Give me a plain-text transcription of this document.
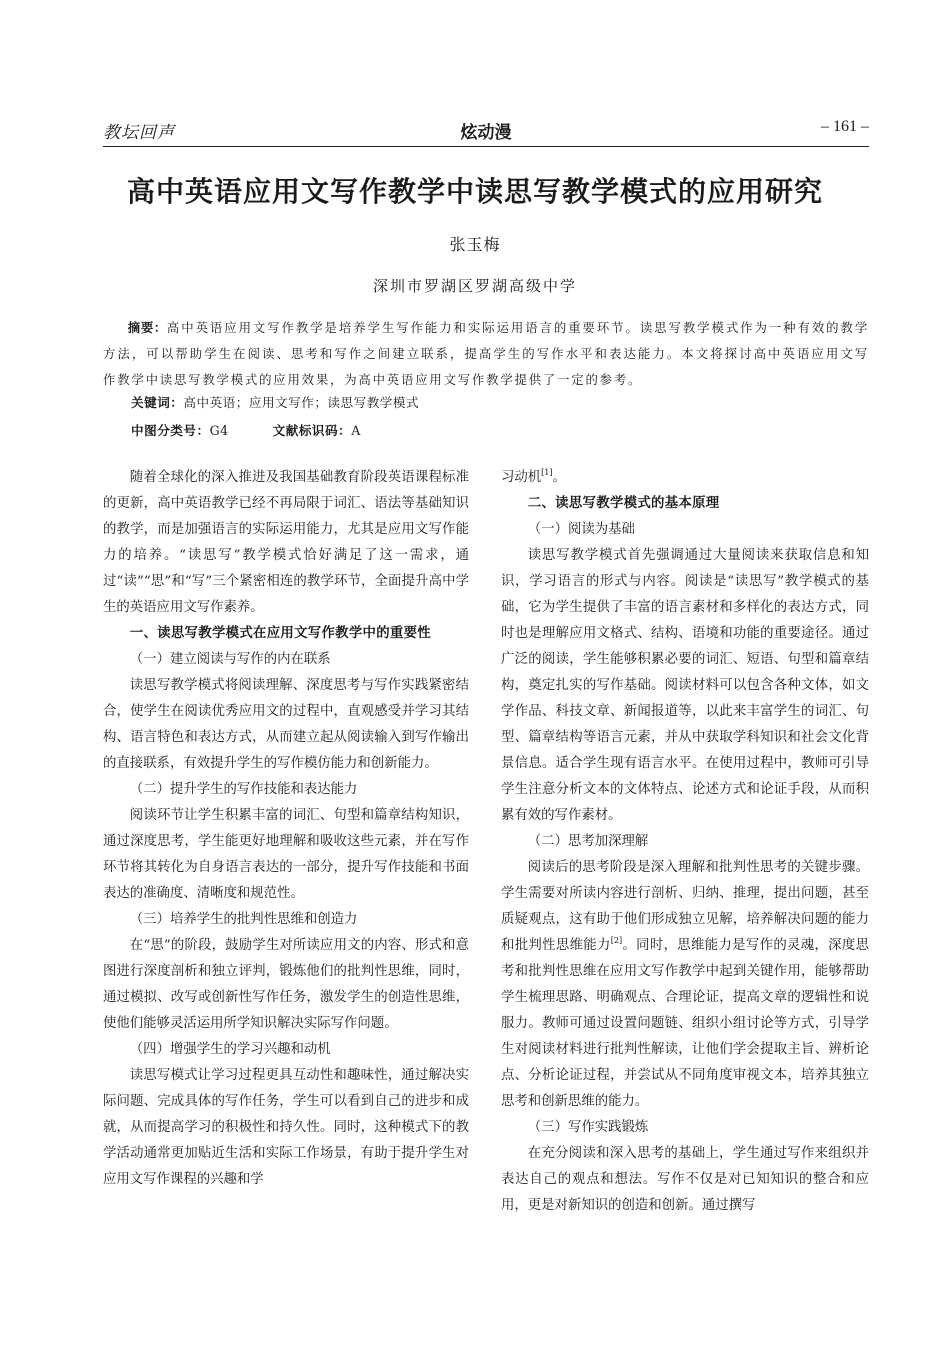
教坛回声	炫动漫	– 161 –
高中英语应用文写作教学中读思写教学模式的应用研究
张玉梅
深圳市罗湖区罗湖高级中学

摘要：高中英语应用文写作教学是培养学生写作能力和实际运用语言的重要环节。读思写教学模式作为一种有效的教学方法，可以帮助学生在阅读、思考和写作之间建立联系，提高学生的写作水平和表达能力。本文将探讨高中英语应用文写作教学中读思写教学模式的应用效果，为高中英语应用文写作教学提供了一定的参考。

关键词：高中英语；应用文写作；读思写教学模式
中图分类号：G4	文献标识码：A

随着全球化的深入推进及我国基础教育阶段英语课程标准的更新，高中英语教学已经不再局限于词汇、语法等基础知识的教学，而是加强语言的实际运用能力，尤其是应用文写作能力的培养。“读思写”教学模式恰好满足了这一需求，通过“读”“思”和“写”三个紧密相连的教学环节，全面提升高中学生的英语应用文写作素养。

一、读思写教学模式在应用文写作教学中的重要性
（一）建立阅读与写作的内在联系

读思写教学模式将阅读理解、深度思考与写作实践紧密结合，使学生在阅读优秀应用文的过程中，直观感受并学习其结构、语言特色和表达方式，从而建立起从阅读输入到写作输出的直接联系，有效提升学生的写作模仿能力和创新能力。

（二）提升学生的写作技能和表达能力

阅读环节让学生积累丰富的词汇、句型和篇章结构知识，通过深度思考，学生能更好地理解和吸收这些元素，并在写作环节将其转化为自身语言表达的一部分，提升写作技能和书面表达的准确度、清晰度和规范性。

（三）培养学生的批判性思维和创造力

在“思”的阶段，鼓励学生对所读应用文的内容、形式和意图进行深度剖析和独立评判，锻炼他们的批判性思维，同时，通过模拟、改写或创新性写作任务，激发学生的创造性思维，使他们能够灵活运用所学知识解决实际写作问题。

（四）增强学生的学习兴趣和动机

读思写模式让学习过程更具互动性和趣味性，通过解决实际问题、完成具体的写作任务，学生可以看到自己的进步和成就，从而提高学习的积极性和持久性。同时，这种模式下的教学活动通常更加贴近生活和实际工作场景，有助于提升学生对应用文写作课程的兴趣和学

习动机[1]。

二、读思写教学模式的基本原理
（一）阅读为基础

读思写教学模式首先强调通过大量阅读来获取信息和知识，学习语言的形式与内容。阅读是“读思写”教学模式的基础，它为学生提供了丰富的语言素材和多样化的表达方式，同时也是理解应用文格式、结构、语境和功能的重要途径。通过广泛的阅读，学生能够积累必要的词汇、短语、句型和篇章结构，奠定扎实的写作基础。阅读材料可以包含各种文体，如文学作品、科技文章、新闻报道等，以此来丰富学生的词汇、句型、篇章结构等语言元素，并从中获取学科知识和社会文化背景信息。适合学生现有语言水平。在使用过程中，教师可引导学生注意分析文本的文体特点、论述方式和论证手段，从而积累有效的写作素材。

（二）思考加深理解

阅读后的思考阶段是深入理解和批判性思考的关键步骤。学生需要对所读内容进行剖析、归纳、推理，提出问题，甚至质疑观点，这有助于他们形成独立见解，培养解决问题的能力和批判性思维能力[2]。同时，思维能力是写作的灵魂，深度思考和批判性思维在应用文写作教学中起到关键作用，能够帮助学生梳理思路、明确观点、合理论证，提高文章的逻辑性和说服力。教师可通过设置问题链、组织小组讨论等方式，引导学生对阅读材料进行批判性解读，让他们学会提取主旨、辨析论点、分析论证过程，并尝试从不同角度审视文本，培养其独立思考和创新思维的能力。

（三）写作实践锻炼

在充分阅读和深入思考的基础上，学生通过写作来组织并表达自己的观点和想法。写作不仅是对已知知识的整合和应用，更是对新知识的创造和创新。通过撰写
